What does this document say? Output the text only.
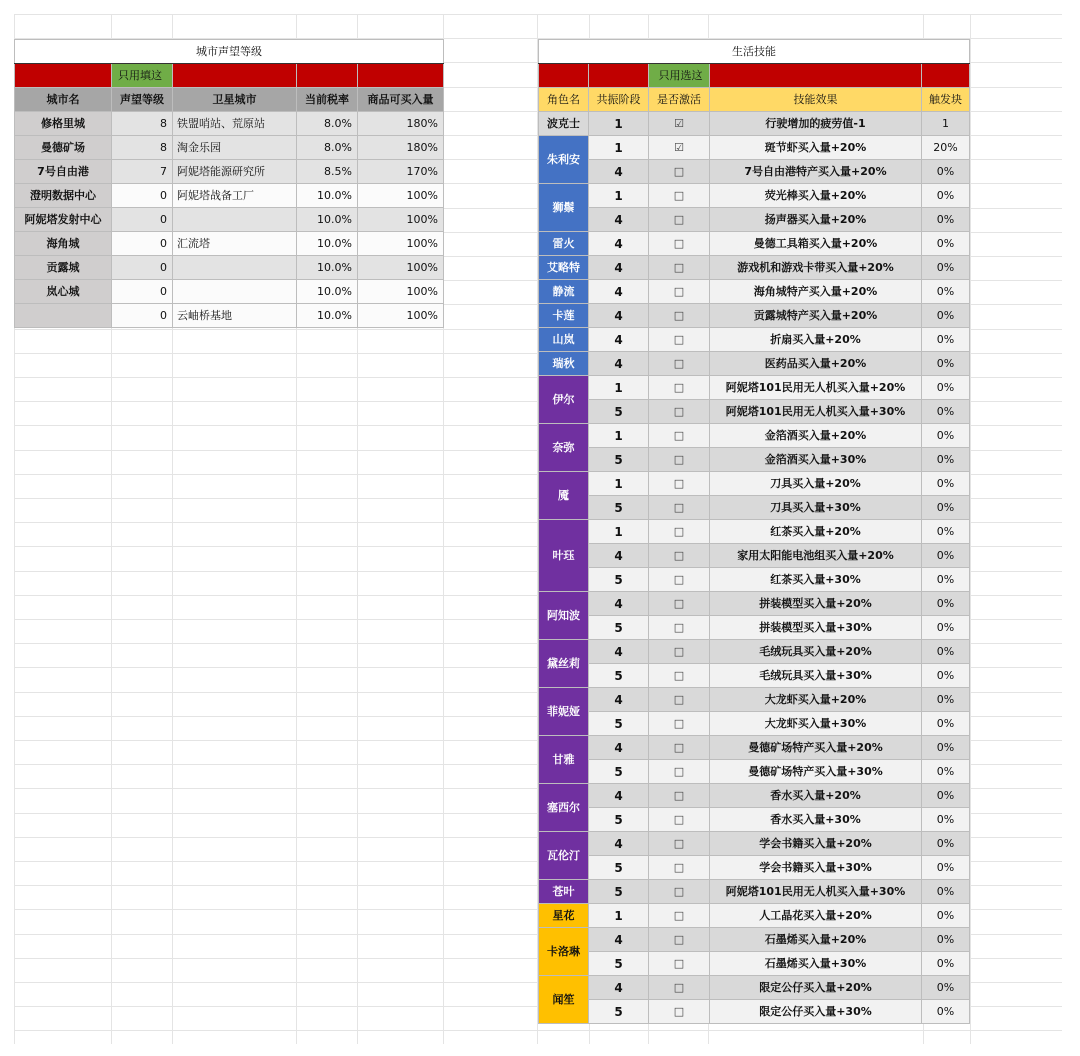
城市声望等级				
	只用填这			
城市名	声望等级	卫星城市	当前税率	商品可买入量
修格里城	8	铁盟哨站、荒原站	8.0%	180%
曼德矿场	8	淘金乐园	8.0%	180%
7号自由港	7	阿妮塔能源研究所	8.5%	170%
澄明数据中心	0	阿妮塔战备工厂	10.0%	100%
阿妮塔发射中心	0		10.0%	100%
海角城	0	汇流塔	10.0%	100%
贡露城	0		10.0%	100%
岚心城	0		10.0%	100%
	0	云岫桥基地	10.0%	100%
生活技能				
		只用选这		
角色名	共振阶段	是否激活	技能效果	触发块
波克士	1	☑	行驶增加的疲劳值-1	1
朱利安	1	☑	斑节虾买入量+20%	20%
	4	□	7号自由港特产买入量+20%	0%
狮鬃	1	□	荧光棒买入量+20%	0%
	4	□	扬声器买入量+20%	0%
雷火	4	□	曼德工具箱买入量+20%	0%
艾略特	4	□	游戏机和游戏卡带买入量+20%	0%
静流	4	□	海角城特产买入量+20%	0%
卡莲	4	□	贡露城特产买入量+20%	0%
山岚	4	□	折扇买入量+20%	0%
瑞秋	4	□	医药品买入量+20%	0%
伊尔	1	□	阿妮塔101民用无人机买入量+20%	0%
	5	□	阿妮塔101民用无人机买入量+30%	0%
奈弥	1	□	金箔酒买入量+20%	0%
	5	□	金箔酒买入量+30%	0%
魇	1	□	刀具买入量+20%	0%
	5	□	刀具买入量+30%	0%
叶珏	1	□	红茶买入量+20%	0%
	4	□	家用太阳能电池组买入量+20%	0%
	5	□	红茶买入量+30%	0%
阿知波	4	□	拼装模型买入量+20%	0%
	5	□	拼装模型买入量+30%	0%
黛丝莉	4	□	毛绒玩具买入量+20%	0%
	5	□	毛绒玩具买入量+30%	0%
菲妮娅	4	□	大龙虾买入量+20%	0%
	5	□	大龙虾买入量+30%	0%
甘雅	4	□	曼德矿场特产买入量+20%	0%
	5	□	曼德矿场特产买入量+30%	0%
塞西尔	4	□	香水买入量+20%	0%
	5	□	香水买入量+30%	0%
瓦伦汀	4	□	学会书籍买入量+20%	0%
	5	□	学会书籍买入量+30%	0%
苍叶	5	□	阿妮塔101民用无人机买入量+30%	0%
星花	1	□	人工晶花买入量+20%	0%
卡洛琳	4	□	石墨烯买入量+20%	0%
	5	□	石墨烯买入量+30%	0%
闻笙	4	□	限定公仔买入量+20%	0%
	5	□	限定公仔买入量+30%	0%
